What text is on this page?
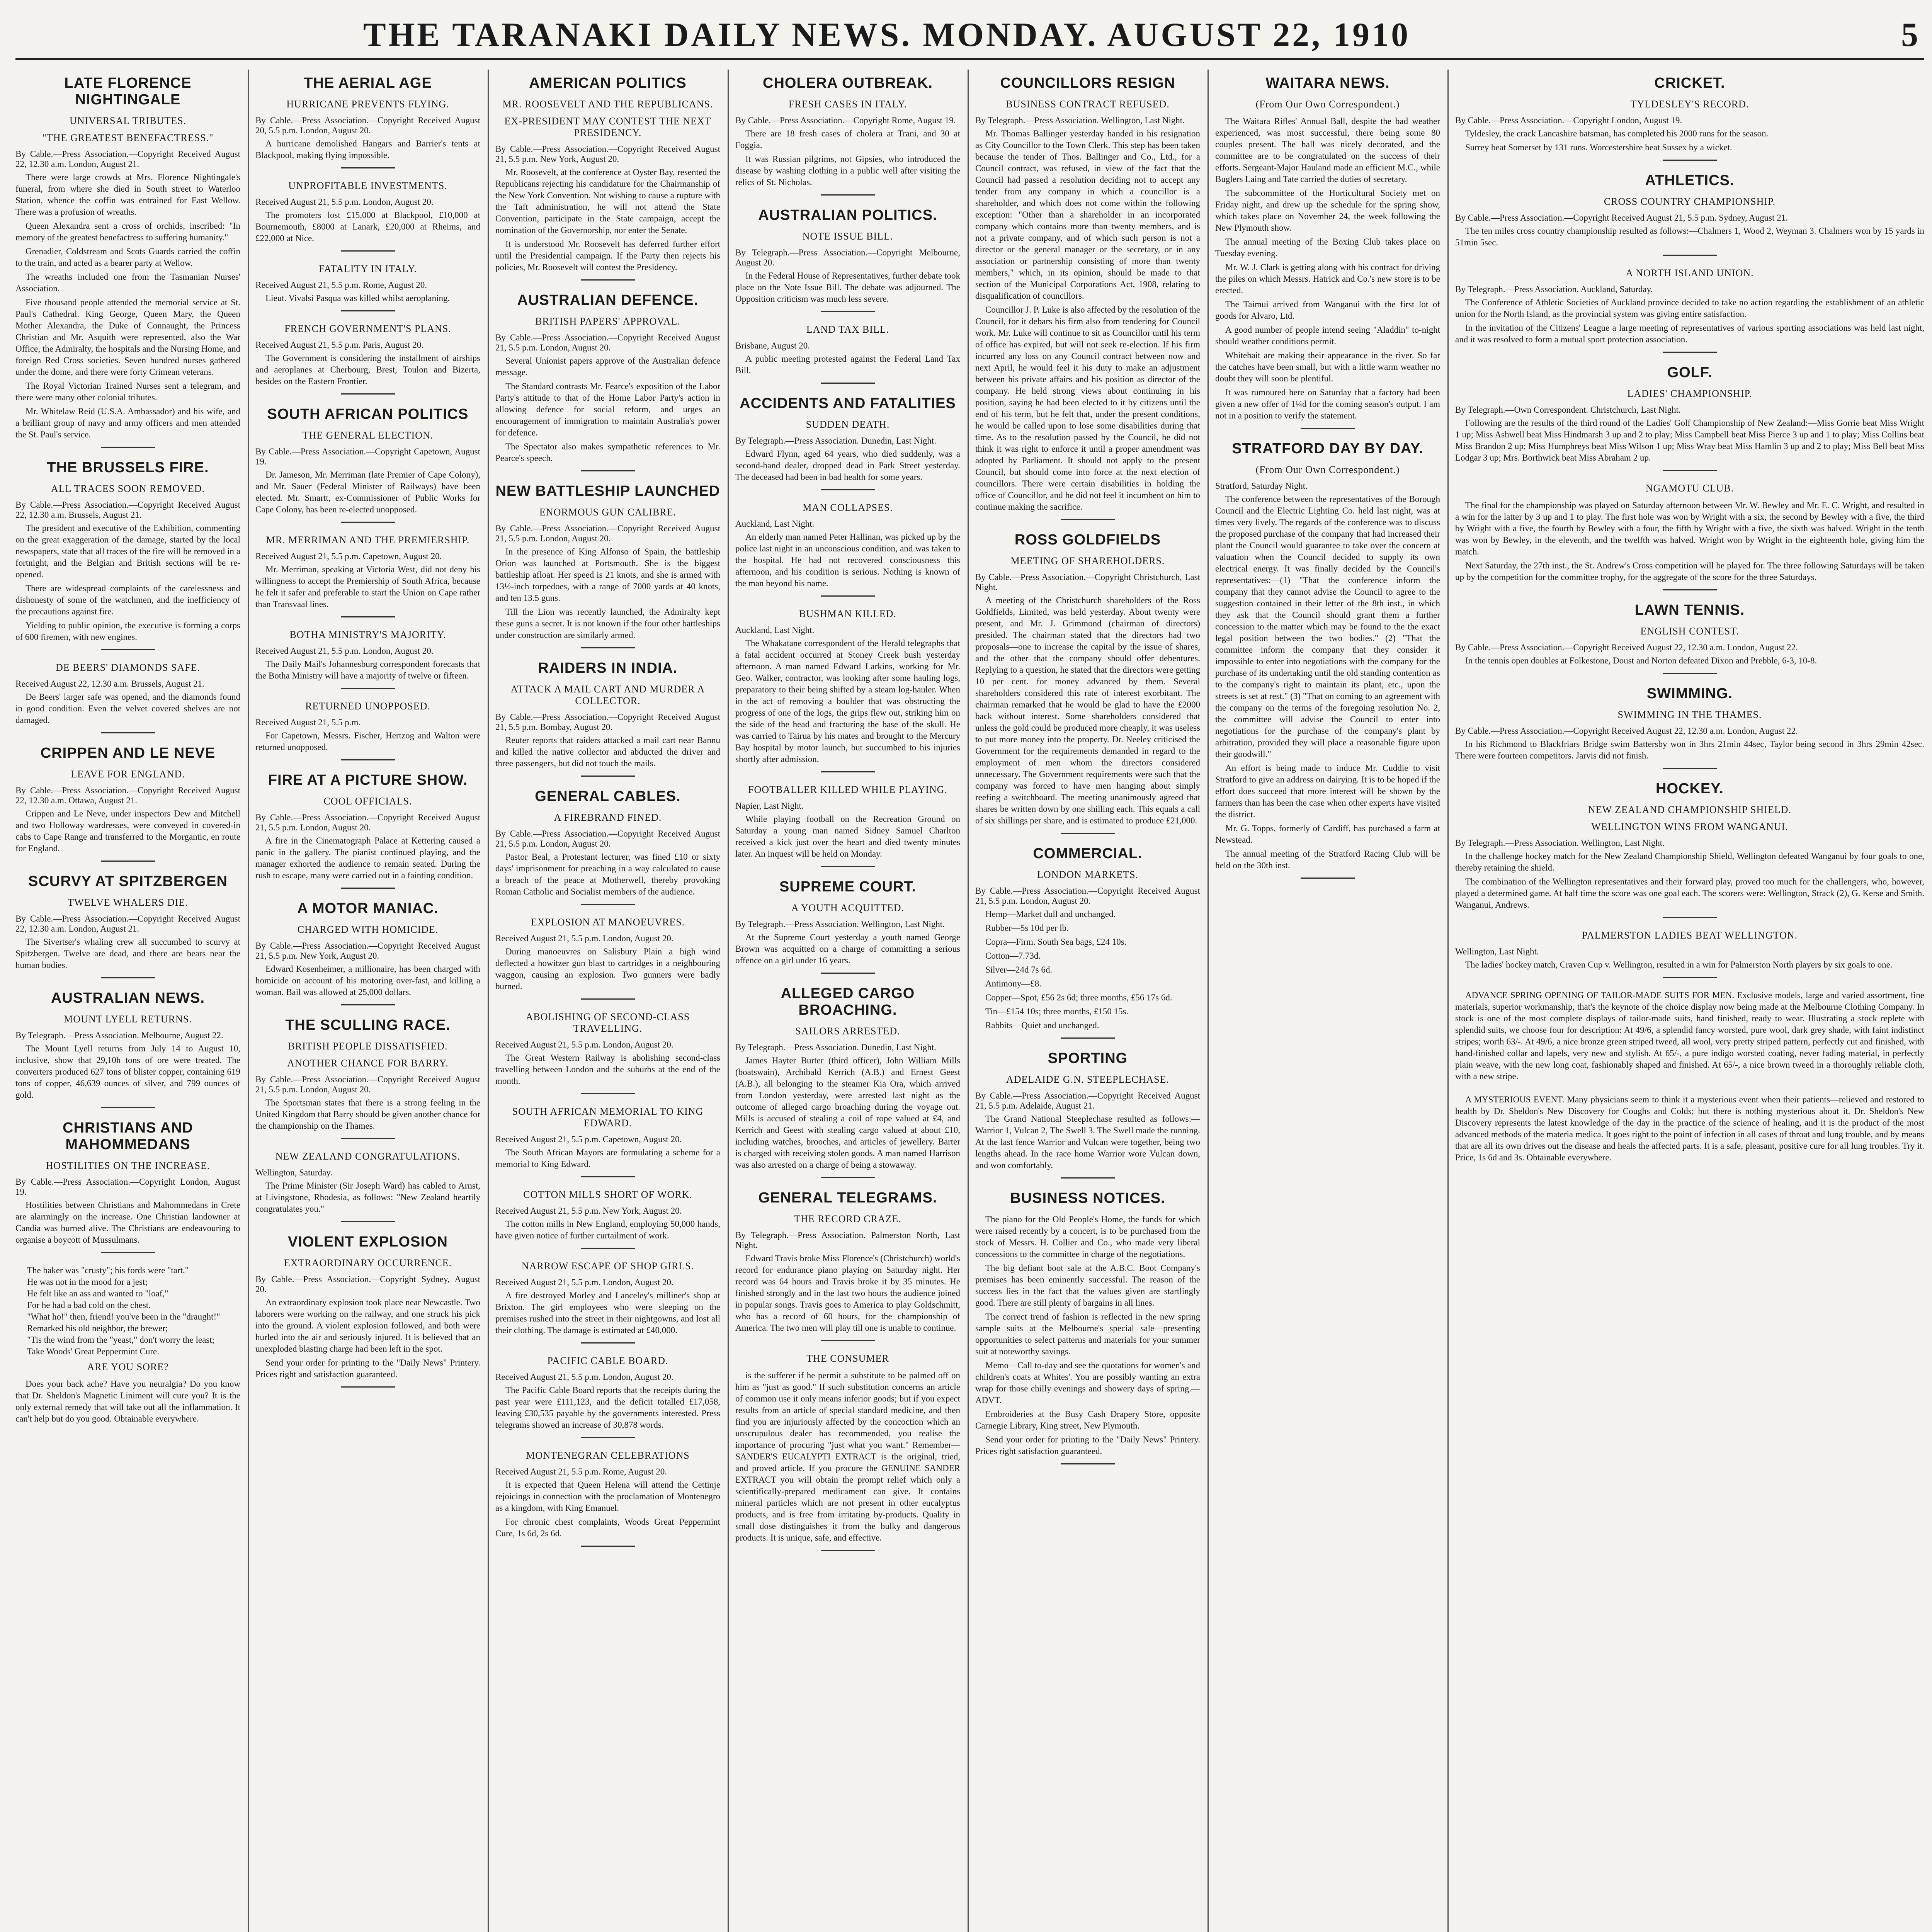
THE TARANAKI DAILY NEWS. MONDAY. AUGUST 22, 1910	5
LATE FLORENCE NIGHTINGALE
UNIVERSAL TRIBUTES.
"THE GREATEST BENEFACTRESS."
By Cable.—Press Association.—Copyright Received August 22, 12.30 a.m. London, August 21.

There were large crowds at Mrs. Florence Nightingale's funeral, from where she died in South street to Waterloo Station, whence the coffin was entrained for East Wellow. There was a profusion of wreaths.

Queen Alexandra sent a cross of orchids, inscribed: "In memory of the greatest benefactress to suffering humanity."

Grenadier, Coldstream and Scots Guards carried the coffin to the train, and acted as a bearer party at Wellow.

The wreaths included one from the Tasmanian Nurses' Association.

Five thousand people attended the memorial service at St. Paul's Cathedral. King George, Queen Mary, the Queen Mother Alexandra, the Duke of Connaught, the Princess Christian and Mr. Asquith were represented, also the War Office, the Admiralty, the hospitals and the Nursing Home, and foreign Red Cross societies. Seven hundred nurses gathered under the dome, and there were forty Crimean veterans.

The Royal Victorian Trained Nurses sent a telegram, and there were many other colonial tributes.

Mr. Whitelaw Reid (U.S.A. Ambassador) and his wife, and a brilliant group of navy and army officers and men attended the St. Paul's service.

THE BRUSSELS FIRE.
ALL TRACES SOON REMOVED.
By Cable.—Press Association.—Copyright Received August 22, 12.30 a.m. Brussels, August 21.

The president and executive of the Exhibition, commenting on the great exaggeration of the damage, started by the local newspapers, state that all traces of the fire will be removed in a fortnight, and the Belgian and British sections will be re-opened.

There are widespread complaints of the carelessness and dishonesty of some of the watchmen, and the inefficiency of the precautions against fire.

Yielding to public opinion, the executive is forming a corps of 600 firemen, with new engines.

DE BEERS' DIAMONDS SAFE.
Received August 22, 12.30 a.m. Brussels, August 21.

De Beers' larger safe was opened, and the diamonds found in good condition. Even the velvet covered shelves are not damaged.

CRIPPEN AND LE NEVE
LEAVE FOR ENGLAND.
By Cable.—Press Association.—Copyright Received August 22, 12.30 a.m. Ottawa, August 21.

Crippen and Le Neve, under inspectors Dew and Mitchell and two Holloway wardresses, were conveyed in covered-in cabs to Cape Range and transferred to the Morgantic, en route for England.

SCURVY AT SPITZBERGEN
TWELVE WHALERS DIE.
By Cable.—Press Association.—Copyright Received August 22, 12.30 a.m. London, August 21.

The Sivertser's whaling crew all succumbed to scurvy at Spitzbergen. Twelve are dead, and there are bears near the human bodies.

AUSTRALIAN NEWS.
MOUNT LYELL RETURNS.
By Telegraph.—Press Association. Melbourne, August 22.

The Mount Lyell returns from July 14 to August 10, inclusive, show that 29,10h tons of ore were treated. The converters produced 627 tons of blister copper, containing 619 tons of copper, 46,639 ounces of silver, and 799 ounces of gold.

CHRISTIANS AND MAHOMMEDANS
HOSTILITIES ON THE INCREASE.
By Cable.—Press Association.—Copyright London, August 19.

Hostilities between Christians and Mahommedans in Crete are alarmingly on the increase. One Christian landowner at Candia was burned alive. The Christians are endeavouring to organise a boycott of Mussulmans.

The baker was "crusty"; his fords were "tart."
He was not in the mood for a jest;
He felt like an ass and wanted to "loaf,"
For he had a bad cold on the chest.
"What ho!" then, friend! you've been in the "draught!"
Remarked his old neighbor, the brewer;
"Tis the wind from the "yeast," don't worry the least;
Take Woods' Great Peppermint Cure.
ARE YOU SORE?

Does your back ache? Have you neuralgia? Do you know that Dr. Sheldon's Magnetic Liniment will cure you? It is the only external remedy that will take out all the inflammation. It can't help but do you good. Obtainable everywhere.

THE AERIAL AGE
HURRICANE PREVENTS FLYING.
By Cable.—Press Association.—Copyright Received August 20, 5.5 p.m. London, August 20.

A hurricane demolished Hangars and Barrier's tents at Blackpool, making flying impossible.

UNPROFITABLE INVESTMENTS.
Received August 21, 5.5 p.m. London, August 20.

The promoters lost £15,000 at Blackpool, £10,000 at Bournemouth, £8000 at Lanark, £20,000 at Rheims, and £22,000 at Nice.

FATALITY IN ITALY.
Received August 21, 5.5 p.m. Rome, August 20.

Lieut. Vivalsi Pasqua was killed whilst aeroplaning.

FRENCH GOVERNMENT'S PLANS.
Received August 21, 5.5 p.m. Paris, August 20.

The Government is considering the installment of airships and aeroplanes at Cherbourg, Brest, Toulon and Bizerta, besides on the Eastern Frontier.

SOUTH AFRICAN POLITICS
THE GENERAL ELECTION.
By Cable.—Press Association.—Copyright Capetown, August 19.

Dr. Jameson, Mr. Merriman (late Premier of Cape Colony), and Mr. Sauer (Federal Minister of Railways) have been elected. Mr. Smartt, ex-Commissioner of Public Works for Cape Colony, has been re-elected unopposed.

MR. MERRIMAN AND THE PREMIERSHIP.
Received August 21, 5.5 p.m. Capetown, August 20.

Mr. Merriman, speaking at Victoria West, did not deny his willingness to accept the Premiership of South Africa, because he felt it safer and preferable to start the Union on Cape rather than Transvaal lines.

BOTHA MINISTRY'S MAJORITY.
Received August 21, 5.5 p.m. London, August 20.

The Daily Mail's Johannesburg correspondent forecasts that the Botha Ministry will have a majority of twelve or fifteen.

RETURNED UNOPPOSED.
Received August 21, 5.5 p.m.

For Capetown, Messrs. Fischer, Hertzog and Walton were returned unopposed.

FIRE AT A PICTURE SHOW.
COOL OFFICIALS.
By Cable.—Press Association.—Copyright Received August 21, 5.5 p.m. London, August 20.

A fire in the Cinematograph Palace at Kettering caused a panic in the gallery. The pianist continued playing, and the manager exhorted the audience to remain seated. During the rush to escape, many were carried out in a fainting condition.

A MOTOR MANIAC.
CHARGED WITH HOMICIDE.
By Cable.—Press Association.—Copyright Received August 21, 5.5 p.m. New York, August 20.

Edward Kosenheimer, a millionaire, has been charged with homicide on account of his motoring over-fast, and killing a woman. Bail was allowed at 25,000 dollars.

THE SCULLING RACE.
BRITISH PEOPLE DISSATISFIED.
ANOTHER CHANCE FOR BARRY.
By Cable.—Press Association.—Copyright Received August 21, 5.5 p.m. London, August 20.

The Sportsman states that there is a strong feeling in the United Kingdom that Barry should be given another chance for the championship on the Thames.

NEW ZEALAND CONGRATULATIONS.
Wellington, Saturday.

The Prime Minister (Sir Joseph Ward) has cabled to Arnst, at Livingstone, Rhodesia, as follows: "New Zealand heartily congratulates you."

VIOLENT EXPLOSION
EXTRAORDINARY OCCURRENCE.
By Cable.—Press Association.—Copyright Sydney, August 20.

An extraordinary explosion took place near Newcastle. Two laborers were working on the railway, and one struck his pick into the ground. A violent explosion followed, and both were hurled into the air and seriously injured. It is believed that an unexploded blasting charge had been left in the spot.

Send your order for printing to the "Daily News" Printery. Prices right and satisfaction guaranteed.

AMERICAN POLITICS
MR. ROOSEVELT AND THE REPUBLICANS.
EX-PRESIDENT MAY CONTEST THE NEXT PRESIDENCY.
By Cable.—Press Association.—Copyright Received August 21, 5.5 p.m. New York, August 20.

Mr. Roosevelt, at the conference at Oyster Bay, resented the Republicans rejecting his candidature for the Chairmanship of the New York Convention. Not wishing to cause a rupture with the Taft administration, he will not attend the State Convention, participate in the State campaign, accept the nomination of the Governorship, nor enter the Senate.

It is understood Mr. Roosevelt has deferred further effort until the Presidential campaign. If the Party then rejects his policies, Mr. Roosevelt will contest the Presidency.

AUSTRALIAN DEFENCE.
BRITISH PAPERS' APPROVAL.
By Cable.—Press Association.—Copyright Received August 21, 5.5 p.m. London, August 20.

Several Unionist papers approve of the Australian defence message.

The Standard contrasts Mr. Fearce's exposition of the Labor Party's attitude to that of the Home Labor Party's action in allowing defence for social reform, and urges an encouragement of immigration to maintain Australia's power for defence.

The Spectator also makes sympathetic references to Mr. Pearce's speech.

NEW BATTLESHIP LAUNCHED
ENORMOUS GUN CALIBRE.
By Cable.—Press Association.—Copyright Received August 21, 5.5 p.m. London, August 20.

In the presence of King Alfonso of Spain, the battleship Orion was launched at Portsmouth. She is the biggest battleship afloat. Her speed is 21 knots, and she is armed with 13½-inch torpedoes, with a range of 7000 yards at 40 knots, and ten 13.5 guns.

Till the Lion was recently launched, the Admiralty kept these guns a secret. It is not known if the four other battleships under construction are similarly armed.

RAIDERS IN INDIA.
ATTACK A MAIL CART AND MURDER A COLLECTOR.
By Cable.—Press Association.—Copyright Received August 21, 5.5 p.m. Bombay, August 20.

Reuter reports that raiders attacked a mail cart near Bannu and killed the native collector and abducted the driver and three passengers, but did not touch the mails.

GENERAL CABLES.
A FIREBRAND FINED.
By Cable.—Press Association.—Copyright Received August 21, 5.5 p.m. London, August 20.

Pastor Beal, a Protestant lecturer, was fined £10 or sixty days' imprisonment for preaching in a way calculated to cause a breach of the peace at Motherwell, thereby provoking Roman Catholic and Socialist members of the audience.

EXPLOSION AT MANOEUVRES.
Received August 21, 5.5 p.m. London, August 20.

During manoeuvres on Salisbury Plain a high wind deflected a howitzer gun blast to cartridges in a neighbouring waggon, causing an explosion. Two gunners were badly burned.

ABOLISHING OF SECOND-CLASS TRAVELLING.
Received August 21, 5.5 p.m. London, August 20.

The Great Western Railway is abolishing second-class travelling between London and the suburbs at the end of the month.

SOUTH AFRICAN MEMORIAL TO KING EDWARD.
Received August 21, 5.5 p.m. Capetown, August 20.

The South African Mayors are formulating a scheme for a memorial to King Edward.

COTTON MILLS SHORT OF WORK.
Received August 21, 5.5 p.m. New York, August 20.

The cotton mills in New England, employing 50,000 hands, have given notice of further curtailment of work.

NARROW ESCAPE OF SHOP GIRLS.
Received August 21, 5.5 p.m. London, August 20.

A fire destroyed Morley and Lanceley's milliner's shop at Brixton. The girl employees who were sleeping on the premises rushed into the street in their nightgowns, and lost all their clothing. The damage is estimated at £40,000.

PACIFIC CABLE BOARD.
Received August 21, 5.5 p.m. London, August 20.

The Pacific Cable Board reports that the receipts during the past year were £111,123, and the deficit totalled £17,058, leaving £30,535 payable by the governments interested. Press telegrams showed an increase of 30,878 words.

MONTENEGRAN CELEBRATIONS
Received August 21, 5.5 p.m. Rome, August 20.

It is expected that Queen Helena will attend the Cettinje rejoicings in connection with the proclamation of Montenegro as a kingdom, with King Emanuel.

For chronic chest complaints, Woods Great Peppermint Cure, 1s 6d, 2s 6d.

CHOLERA OUTBREAK.
FRESH CASES IN ITALY.
By Cable.—Press Association.—Copyright Rome, August 19.

There are 18 fresh cases of cholera at Trani, and 30 at Foggia.

It was Russian pilgrims, not Gipsies, who introduced the disease by washing clothing in a public well after visiting the relics of St. Nicholas.

AUSTRALIAN POLITICS.
NOTE ISSUE BILL.
By Telegraph.—Press Association.—Copyright Melbourne, August 20.

In the Federal House of Representatives, further debate took place on the Note Issue Bill. The debate was adjourned. The Opposition criticism was much less severe.

LAND TAX BILL.
Brisbane, August 20.

A public meeting protested against the Federal Land Tax Bill.

ACCIDENTS AND FATALITIES
SUDDEN DEATH.
By Telegraph.—Press Association. Dunedin, Last Night.

Edward Flynn, aged 64 years, who died suddenly, was a second-hand dealer, dropped dead in Park Street yesterday. The deceased had been in bad health for some years.

MAN COLLAPSES.
Auckland, Last Night.

An elderly man named Peter Hallinan, was picked up by the police last night in an unconscious condition, and was taken to the hospital. He had not recovered consciousness this afternoon, and his condition is serious. Nothing is known of the man beyond his name.

BUSHMAN KILLED.
Auckland, Last Night.

The Whakatane correspondent of the Herald telegraphs that a fatal accident occurred at Stoney Creek bush yesterday afternoon. A man named Edward Larkins, working for Mr. Geo. Walker, contractor, was looking after some hauling logs, preparatory to their being shifted by a steam log-hauler. When in the act of removing a boulder that was obstructing the progress of one of the logs, the grips flew out, striking him on the side of the head and fracturing the base of the skull. He was carried to Tairua by his mates and brought to the Mercury Bay hospital by motor launch, but succumbed to his injuries shortly after admission.

FOOTBALLER KILLED WHILE PLAYING.
Napier, Last Night.

While playing football on the Recreation Ground on Saturday a young man named Sidney Samuel Charlton received a kick just over the heart and died twenty minutes later. An inquest will be held on Monday.

SUPREME COURT.
A YOUTH ACQUITTED.
By Telegraph.—Press Association. Wellington, Last Night.

At the Supreme Court yesterday a youth named George Brown was acquitted on a charge of committing a serious offence on a girl under 16 years.

ALLEGED CARGO BROACHING.
SAILORS ARRESTED.
By Telegraph.—Press Association. Dunedin, Last Night.

James Hayter Burter (third officer), John William Mills (boatswain), Archibald Kerrich (A.B.) and Ernest Geest (A.B.), all belonging to the steamer Kia Ora, which arrived from London yesterday, were arrested last night as the outcome of alleged cargo broaching during the voyage out. Mills is accused of stealing a coil of rope valued at £4, and Kerrich and Geest with stealing cargo valued at about £10, including watches, brooches, and articles of jewellery. Barter is charged with receiving stolen goods. A man named Harrison was also arrested on a charge of being a stowaway.

GENERAL TELEGRAMS.
THE RECORD CRAZE.
By Telegraph.—Press Association. Palmerston North, Last Night.

Edward Travis broke Miss Florence's (Christchurch) world's record for endurance piano playing on Saturday night. Her record was 64 hours and Travis broke it by 35 minutes. He finished strongly and in the last two hours the audience joined in popular songs. Travis goes to America to play Goldschmitt, who has a record of 60 hours, for the championship of America. The two men will play till one is unable to continue.

THE CONSUMER

is the sufferer if he permit a substitute to be palmed off on him as "just as good." If such substitution concerns an article of common use it only means inferior goods; but if you expect results from an article of special standard medicine, and then find you are injuriously affected by the concoction which an unscrupulous dealer has recommended, you realise the importance of procuring "just what you want." Remember—SANDER'S EUCALYPTI EXTRACT is the original, tried, and proved article. If you procure the GENUINE SANDER EXTRACT you will obtain the prompt relief which only a scientifically-prepared medicament can give. It contains mineral particles which are not present in other eucalyptus products, and is free from irritating by-products. Quality in small dose distinguishes it from the bulky and dangerous products. It is unique, safe, and effective.

COUNCILLORS RESIGN
BUSINESS CONTRACT REFUSED.
By Telegraph.—Press Association. Wellington, Last Night.

Mr. Thomas Ballinger yesterday handed in his resignation as City Councillor to the Town Clerk. This step has been taken because the tender of Thos. Ballinger and Co., Ltd., for a Council contract, was refused, in view of the fact that the Council had passed a resolution deciding not to accept any tender from any company in which a councillor is a shareholder, and which does not come within the following exception: "Other than a shareholder in an incorporated company which contains more than twenty members, and is not a private company, and of which such person is not a director or the general manager or the secretary, or in any association or partnership consisting of more than twenty members," which, in its opinion, should be made to that section of the Municipal Corporations Act, 1908, relating to disqualification of councillors.

Councillor J. P. Luke is also affected by the resolution of the Council, for it debars his firm also from tendering for Council work. Mr. Luke will continue to sit as Councillor until his term of office has expired, but will not seek re-election. If his firm incurred any loss on any Council contract between now and next April, he would feel it his duty to make an adjustment between his private affairs and his position as director of the company. He held strong views about continuing in his position, saying he had been elected to it by citizens until the end of his term, but he felt that, under the present conditions, he would be called upon to lose some disabilities during that time. As to the resolution passed by the Council, he did not think it was right to enforce it until a proper amendment was adopted by Parliament. It should not apply to the present Council, but should come into force at the next election of councillors. There were certain disabilities in holding the office of Councillor, and he did not feel it incumbent on him to continue making the sacrifice.

ROSS GOLDFIELDS
MEETING OF SHAREHOLDERS.
By Cable.—Press Association.—Copyright Christchurch, Last Night.

A meeting of the Christchurch shareholders of the Ross Goldfields, Limited, was held yesterday. About twenty were present, and Mr. J. Grimmond (chairman of directors) presided. The chairman stated that the directors had two proposals—one to increase the capital by the issue of shares, and the other that the company should offer debentures. Replying to a question, he stated that the directors were getting 10 per cent. for money advanced by them. Several shareholders considered this rate of interest exorbitant. The chairman remarked that he would be glad to have the £2000 back without interest. Some shareholders considered that unless the gold could be produced more cheaply, it was useless to put more money into the property. Dr. Neeley criticised the Government for the requirements demanded in regard to the employment of men whom the directors considered unnecessary. The Government requirements were such that the company was forced to have men hanging about simply reefing a switchboard. The meeting unanimously agreed that shares be written down by one shilling each. This equals a call of six shillings per share, and is estimated to produce £21,000.

COMMERCIAL.
LONDON MARKETS.
By Cable.—Press Association.—Copyright Received August 21, 5.5 p.m. London, August 20.

Hemp—Market dull and unchanged.

Rubber—5s 10d per lb.

Copra—Firm. South Sea bags, £24 10s.

Cotton—7.73d.

Silver—24d 7s 6d.

Antimony—£8.

Copper—Spot, £56 2s 6d; three months, £56 17s 6d.

Tin—£154 10s; three months, £150 15s.

Rabbits—Quiet and unchanged.

SPORTING
ADELAIDE G.N. STEEPLECHASE.
By Cable.—Press Association.—Copyright Received August 21, 5.5 p.m. Adelaide, August 21.

The Grand National Steeplechase resulted as follows:—Warrior 1, Vulcan 2, The Swell 3. The Swell made the running. At the last fence Warrior and Vulcan were together, being two lengths ahead. In the race home Warrior wore Vulcan down, and won comfortably.

BUSINESS NOTICES.

The piano for the Old People's Home, the funds for which were raised recently by a concert, is to be purchased from the stock of Messrs. H. Collier and Co., who made very liberal concessions to the committee in charge of the negotiations.

The big defiant boot sale at the A.B.C. Boot Company's premises has been eminently successful. The reason of the success lies in the fact that the values given are startlingly good. There are still plenty of bargains in all lines.

The correct trend of fashion is reflected in the new spring sample suits at the Melbourne's special sale—presenting opportunities to select patterns and materials for your summer suit at noteworthy savings.

Memo—Call to-day and see the quotations for women's and children's coats at Whites'. You are possibly wanting an extra wrap for those chilly evenings and showery days of spring.—ADVT.

Embroideries at the Busy Cash Drapery Store, opposite Carnegie Library, King street, New Plymouth.

Send your order for printing to the "Daily News" Printery. Prices right satisfaction guaranteed.

WAITARA NEWS.
(From Our Own Correspondent.)

The Waitara Rifles' Annual Ball, despite the bad weather experienced, was most successful, there being some 80 couples present. The hall was nicely decorated, and the committee are to be congratulated on the success of their efforts. Sergeant-Major Hauland made an efficient M.C., while Buglers Laing and Tate carried the duties of secretary.

The subcommittee of the Horticultural Society met on Friday night, and drew up the schedule for the spring show, which takes place on November 24, the week following the New Plymouth show.

The annual meeting of the Boxing Club takes place on Tuesday evening.

Mr. W. J. Clark is getting along with his contract for driving the piles on which Messrs. Hatrick and Co.'s new store is to be erected.

The Taimui arrived from Wanganui with the first lot of goods for Alvaro, Ltd.

A good number of people intend seeing "Aladdin" to-night should weather conditions permit.

Whitebait are making their appearance in the river. So far the catches have been small, but with a little warm weather no doubt they will soon be plentiful.

It was rumoured here on Saturday that a factory had been given a new offer of 1¼d for the coming season's output. I am not in a position to verify the statement.

STRATFORD DAY BY DAY.
(From Our Own Correspondent.)
Stratford, Saturday Night.

The conference between the representatives of the Borough Council and the Electric Lighting Co. held last night, was at times very lively. The regards of the conference was to discuss the proposed purchase of the company that had increased their plant the Council would guarantee to take over the concern at valuation when the Council decided to supply its own electrical energy. It was finally decided by the Council's representatives:—(1) "That the conference inform the company that they cannot advise the Council to agree to the suggestion contained in their letter of the 8th inst., in which they ask that the Council should grant them a further concession to the matter which may be found to the the exact legal position between the two bodies." (2) "That the committee inform the company that they consider it impossible to enter into negotiations with the company for the purchase of its undertaking until the old standing contention as to the company's right to maintain its plant, etc., upon the streets is set at rest." (3) "That on coming to an agreement with the company on the terms of the foregoing resolution No. 2, the committee will advise the Council to enter into negotiations for the purchase of the company's plant by arbitration, provided they will place a reasonable figure upon their goodwill."

An effort is being made to induce Mr. Cuddie to visit Stratford to give an address on dairying. It is to be hoped if the effort does succeed that more interest will be shown by the farmers than has been the case when other experts have visited the district.

Mr. G. Topps, formerly of Cardiff, has purchased a farm at Newstead.

The annual meeting of the Stratford Racing Club will be held on the 30th inst.

CRICKET.
TYLDESLEY'S RECORD.
By Cable.—Press Association.—Copyright London, August 19.

Tyldesley, the crack Lancashire batsman, has completed his 2000 runs for the season.

Surrey beat Somerset by 131 runs. Worcestershire beat Sussex by a wicket.

ATHLETICS.
CROSS COUNTRY CHAMPIONSHIP.
By Cable.—Press Association.—Copyright Received August 21, 5.5 p.m. Sydney, August 21.

The ten miles cross country championship resulted as follows:—Chalmers 1, Wood 2, Weyman 3. Chalmers won by 15 yards in 51min 5sec.

A NORTH ISLAND UNION.
By Telegraph.—Press Association. Auckland, Saturday.

The Conference of Athletic Societies of Auckland province decided to take no action regarding the establishment of an athletic union for the North Island, as the provincial system was giving entire satisfaction.

In the invitation of the Citizens' League a large meeting of representatives of various sporting associations was held last night, and it was resolved to form a mutual sport protection association.

GOLF.
LADIES' CHAMPIONSHIP.
By Telegraph.—Own Correspondent. Christchurch, Last Night.

Following are the results of the third round of the Ladies' Golf Championship of New Zealand:—Miss Gorrie beat Miss Wright 1 up; Miss Ashwell beat Miss Hindmarsh 3 up and 2 to play; Miss Campbell beat Miss Pierce 3 up and 1 to play; Miss Collins beat Miss Brandon 2 up; Miss Humphreys beat Miss Wilson 1 up; Miss Wray beat Miss Hamlin 3 up and 2 to play; Miss Bell beat Miss Lodgar 3 up; Mrs. Borthwick beat Miss Abraham 2 up.

NGAMOTU CLUB.

The final for the championship was played on Saturday afternoon between Mr. W. Bewley and Mr. E. C. Wright, and resulted in a win for the latter by 3 up and 1 to play. The first hole was won by Wright with a six, the second by Bewley with a five, the third by Wright with a five, the fourth by Bewley with a four, the fifth by Wright with a five, the sixth was halved. Wright in the tenth was won by Bewley, in the eleventh, and the twelfth was halved. Wright won by Wright in the eighteenth hole, giving him the match.

Next Saturday, the 27th inst., the St. Andrew's Cross competition will be played for. The three following Saturdays will be taken up by the competition for the committee trophy, for the aggregate of the score for the three Saturdays.

LAWN TENNIS.
ENGLISH CONTEST.
By Cable.—Press Association.—Copyright Received August 22, 12.30 a.m. London, August 22.

In the tennis open doubles at Folkestone, Doust and Norton defeated Dixon and Prebble, 6-3, 10-8.

SWIMMING.
SWIMMING IN THE THAMES.
By Cable.—Press Association.—Copyright Received August 22, 12.30 a.m. London, August 22.

In his Richmond to Blackfriars Bridge swim Battersby won in 3hrs 21min 44sec, Taylor being second in 3hrs 29min 42sec. There were fourteen competitors. Jarvis did not finish.

HOCKEY.
NEW ZEALAND CHAMPIONSHIP SHIELD.
WELLINGTON WINS FROM WANGANUI.
By Telegraph.—Press Association. Wellington, Last Night.

In the challenge hockey match for the New Zealand Championship Shield, Wellington defeated Wanganui by four goals to one, thereby retaining the shield.

The combination of the Wellington representatives and their forward play, proved too much for the challengers, who, however, played a determined game. At half time the score was one goal each. The scorers were: Wellington, Strack (2), G. Kerse and Smith. Wanganui, Andrews.

PALMERSTON LADIES BEAT WELLINGTON.
Wellington, Last Night.

The ladies' hockey match, Craven Cup v. Wellington, resulted in a win for Palmerston North players by six goals to one.

ADVANCE SPRING OPENING OF TAILOR-MADE SUITS FOR MEN. Exclusive models, large and varied assortment, fine materials, superior workmanship, that's the keynote of the choice display now being made at the Melbourne Clothing Company. In stock is one of the most complete displays of tailor-made suits, hand finished, ready to wear. Illustrating a stock replete with splendid suits, we choose four for description: At 49/6, a splendid fancy worsted, pure wool, dark grey shade, with faint indistinct stripes; worth 63/-. At 49/6, a nice bronze green striped tweed, all wool, very pretty striped pattern, perfectly cut and finished, with hand-finished collar and lapels, very new and stylish. At 65/-, a pure indigo worsted coating, never fading material, in perfectly plain weave, with the new long coat, fashionably shaped and finished. At 65/-, a nice brown tweed in a thoroughly reliable cloth, with a new stripe.

A MYSTERIOUS EVENT. Many physicians seem to think it a mysterious event when their patients—relieved and restored to health by Dr. Sheldon's New Discovery for Coughs and Colds; but there is nothing mysterious about it. Dr. Sheldon's New Discovery represents the latest knowledge of the day in the practice of the science of healing, and it is the product of the most advanced methods of the materia medica. It goes right to the point of infection in all cases of throat and lung trouble, and by means that are all its own drives out the disease and heals the affected parts. It is a safe, pleasant, positive cure for all lung troubles. Try it. Price, 1s 6d and 3s. Obtainable everywhere.
